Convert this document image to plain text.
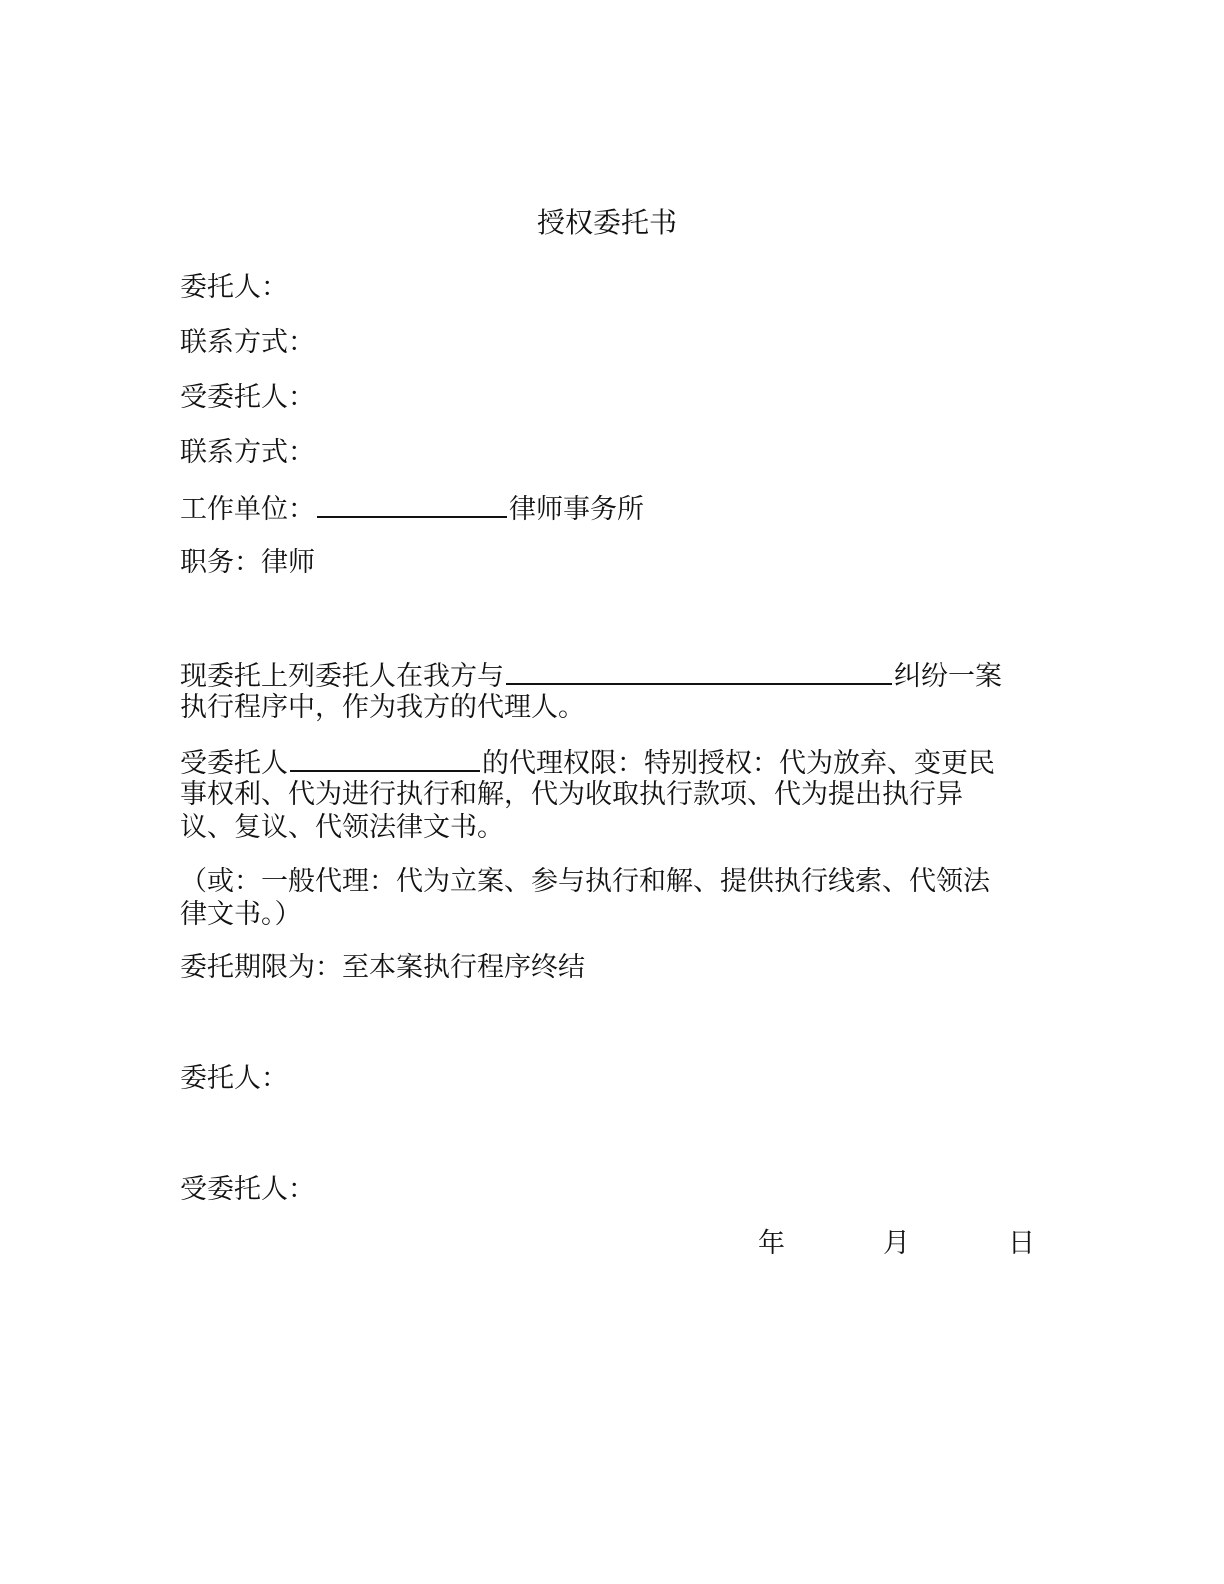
授权委托书
委托人：
联系方式：
受委托人：
联系方式：
工作单位：	律师事务所
职务：律师
现委托上列委托人在我方与	纠纷一案
执行程序中，作为我方的代理人。
受委托人	的代理权限：特别授权：代为放弃、变更民
事权利、代为进行执行和解，代为收取执行款项、代为提出执行异
议、复议、代领法律文书。
（或：一般代理：代为立案、参与执行和解、提供执行线索、代领法
律文书。）
委托期限为：至本案执行程序终结
委托人：
受委托人：
年	月	日
